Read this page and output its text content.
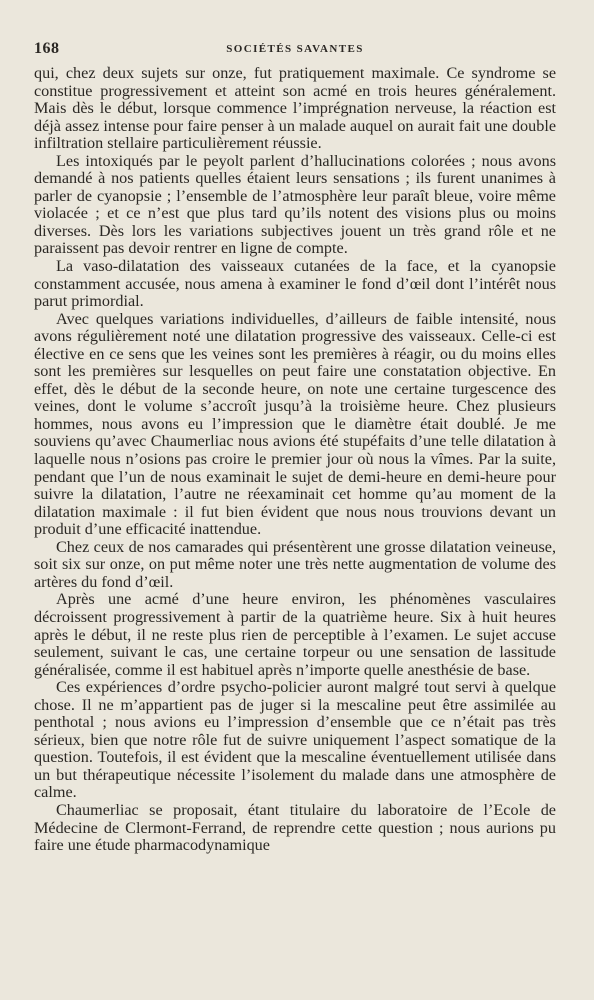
168	SOCIÉTÉS SAVANTES

qui, chez deux sujets sur onze, fut pratiquement maximale. Ce syndrome se constitue progressivement et atteint son acmé en trois heures généralement. Mais dès le début, lorsque commence l’imprégnation nerveuse, la réaction est déjà assez intense pour faire penser à un malade auquel on aurait fait une double infiltration stellaire particulièrement réussie.

Les intoxiqués par le peyolt parlent d’hallucinations colorées ; nous avons demandé à nos patients quelles étaient leurs sensations ; ils furent unanimes à parler de cyanopsie ; l’ensemble de l’atmosphère leur paraît bleue, voire même violacée ; et ce n’est que plus tard qu’ils notent des visions plus ou moins diverses. Dès lors les variations subjectives jouent un très grand rôle et ne paraissent pas devoir rentrer en ligne de compte.

La vaso-dilatation des vaisseaux cutanées de la face, et la cyanopsie constamment accusée, nous amena à examiner le fond d’œil dont l’intérêt nous parut primordial.

Avec quelques variations individuelles, d’ailleurs de faible intensité, nous avons régulièrement noté une dilatation progressive des vaisseaux. Celle-ci est élective en ce sens que les veines sont les premières à réagir, ou du moins elles sont les premières sur lesquelles on peut faire une constatation objective. En effet, dès le début de la seconde heure, on note une certaine turgescence des veines, dont le volume s’accroît jusqu’à la troisième heure. Chez plusieurs hommes, nous avons eu l’impression que le diamètre était doublé. Je me souviens qu’avec Chaumerliac nous avions été stupéfaits d’une telle dilatation à laquelle nous n’osions pas croire le premier jour où nous la vîmes. Par la suite, pendant que l’un de nous examinait le sujet de demi-heure en demi-heure pour suivre la dilatation, l’autre ne réexaminait cet homme qu’au moment de la dilatation maximale : il fut bien évident que nous nous trouvions devant un produit d’une efficacité inattendue.

Chez ceux de nos camarades qui présentèrent une grosse dilatation veineuse, soit six sur onze, on put même noter une très nette augmentation de volume des artères du fond d’œil.

Après une acmé d’une heure environ, les phénomènes vasculaires décroissent progressivement à partir de la quatrième heure. Six à huit heures après le début, il ne reste plus rien de perceptible à l’examen. Le sujet accuse seulement, suivant le cas, une certaine torpeur ou une sensation de lassitude généralisée, comme il est habituel après n’importe quelle anesthésie de base.

Ces expériences d’ordre psycho-policier auront malgré tout servi à quelque chose. Il ne m’appartient pas de juger si la mescaline peut être assimilée au penthotal ; nous avions eu l’impression d’ensemble que ce n’était pas très sérieux, bien que notre rôle fut de suivre uniquement l’aspect somatique de la question. Toutefois, il est évident que la mescaline éventuellement utilisée dans un but thérapeutique nécessite l’isolement du malade dans une atmosphère de calme.

Chaumerliac se proposait, étant titulaire du laboratoire de l’Ecole de Médecine de Clermont-Ferrand, de reprendre cette question ; nous aurions pu faire une étude pharmacodynamique
